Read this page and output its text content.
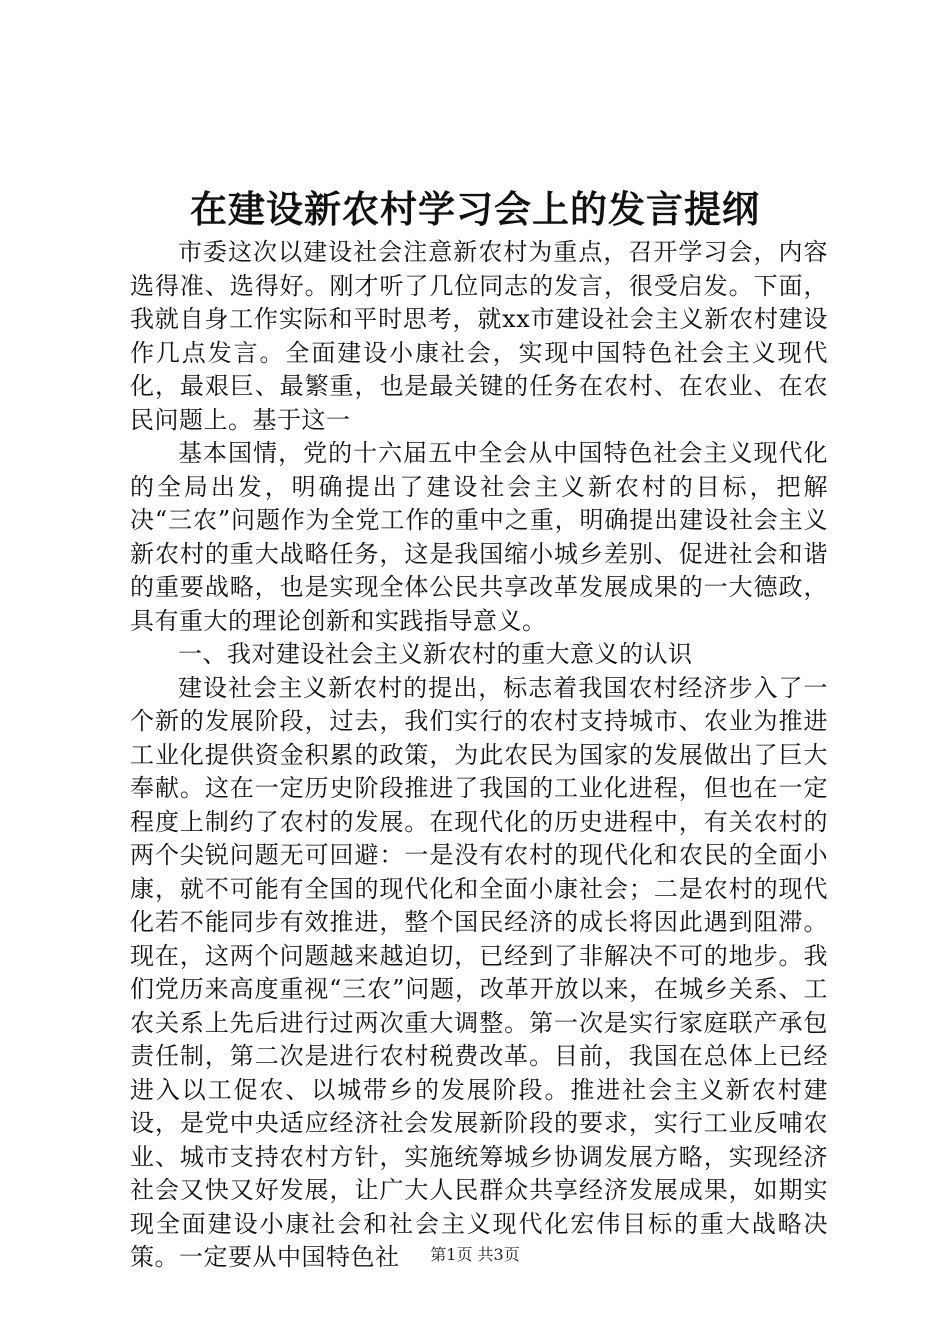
在建设新农村学习会上的发言提纲

市委这次以建设社会注意新农村为重点，召开学习会，内容选得准、选得好。刚才听了几位同志的发言，很受启发。下面，我就自身工作实际和平时思考，就xx市建设社会主义新农村建设作几点发言。全面建设小康社会，实现中国特色社会主义现代化，最艰巨、最繁重，也是最关键的任务在农村、在农业、在农民问题上。基于这一

基本国情，党的十六届五中全会从中国特色社会主义现代化的全局出发，明确提出了建设社会主义新农村的目标，把解决“三农”问题作为全党工作的重中之重，明确提出建设社会主义新农村的重大战略任务，这是我国缩小城乡差别、促进社会和谐的重要战略，也是实现全体公民共享改革发展成果的一大德政，具有重大的理论创新和实践指导意义。

一、我对建设社会主义新农村的重大意义的认识

建设社会主义新农村的提出，标志着我国农村经济步入了一个新的发展阶段，过去，我们实行的农村支持城市、农业为推进工业化提供资金积累的政策，为此农民为国家的发展做出了巨大奉献。这在一定历史阶段推进了我国的工业化进程，但也在一定程度上制约了农村的发展。在现代化的历史进程中，有关农村的两个尖锐问题无可回避：一是没有农村的现代化和农民的全面小康，就不可能有全国的现代化和全面小康社会；二是农村的现代化若不能同步有效推进，整个国民经济的成长将因此遇到阻滞。现在，这两个问题越来越迫切，已经到了非解决不可的地步。我们党历来高度重视“三农”问题，改革开放以来，在城乡关系、工农关系上先后进行过两次重大调整。第一次是实行家庭联产承包责任制，第二次是进行农村税费改革。目前，我国在总体上已经进入以工促农、以城带乡的发展阶段。推进社会主义新农村建设，是党中央适应经济社会发展新阶段的要求，实行工业反哺农业、城市支持农村方针，实施统筹城乡协调发展方略，实现经济社会又快又好发展，让广大人民群众共享经济发展成果，如期实现全面建设小康社会和社会主义现代化宏伟目标的重大战略决策。一定要从中国特色社	第1页 共3页
